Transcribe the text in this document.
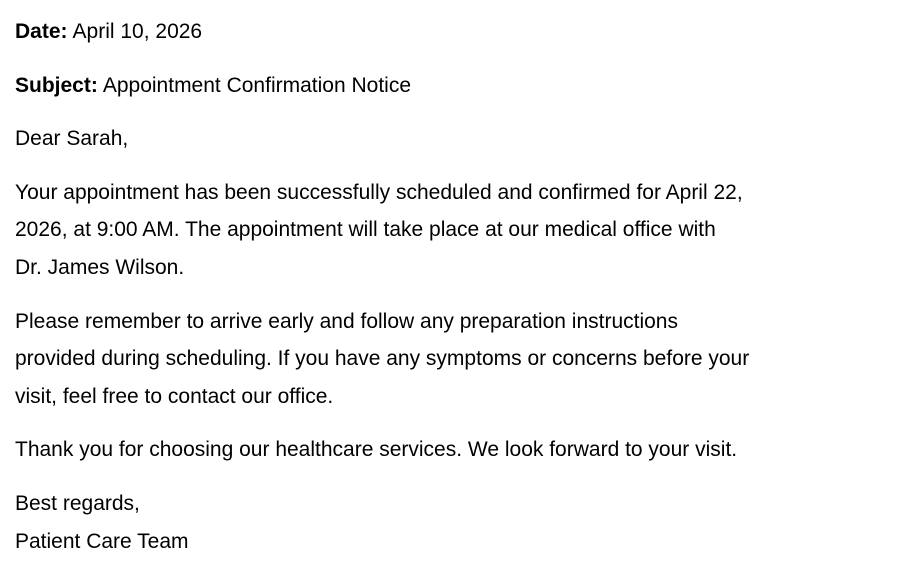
Date: April 10, 2026

Subject: Appointment Confirmation Notice

Dear Sarah,

Your appointment has been successfully scheduled and confirmed for April 22,
2026, at 9:00 AM. The appointment will take place at our medical office with
Dr. James Wilson.

Please remember to arrive early and follow any preparation instructions
provided during scheduling. If you have any symptoms or concerns before your
visit, feel free to contact our office.

Thank you for choosing our healthcare services. We look forward to your visit.

Best regards,
Patient Care Team
